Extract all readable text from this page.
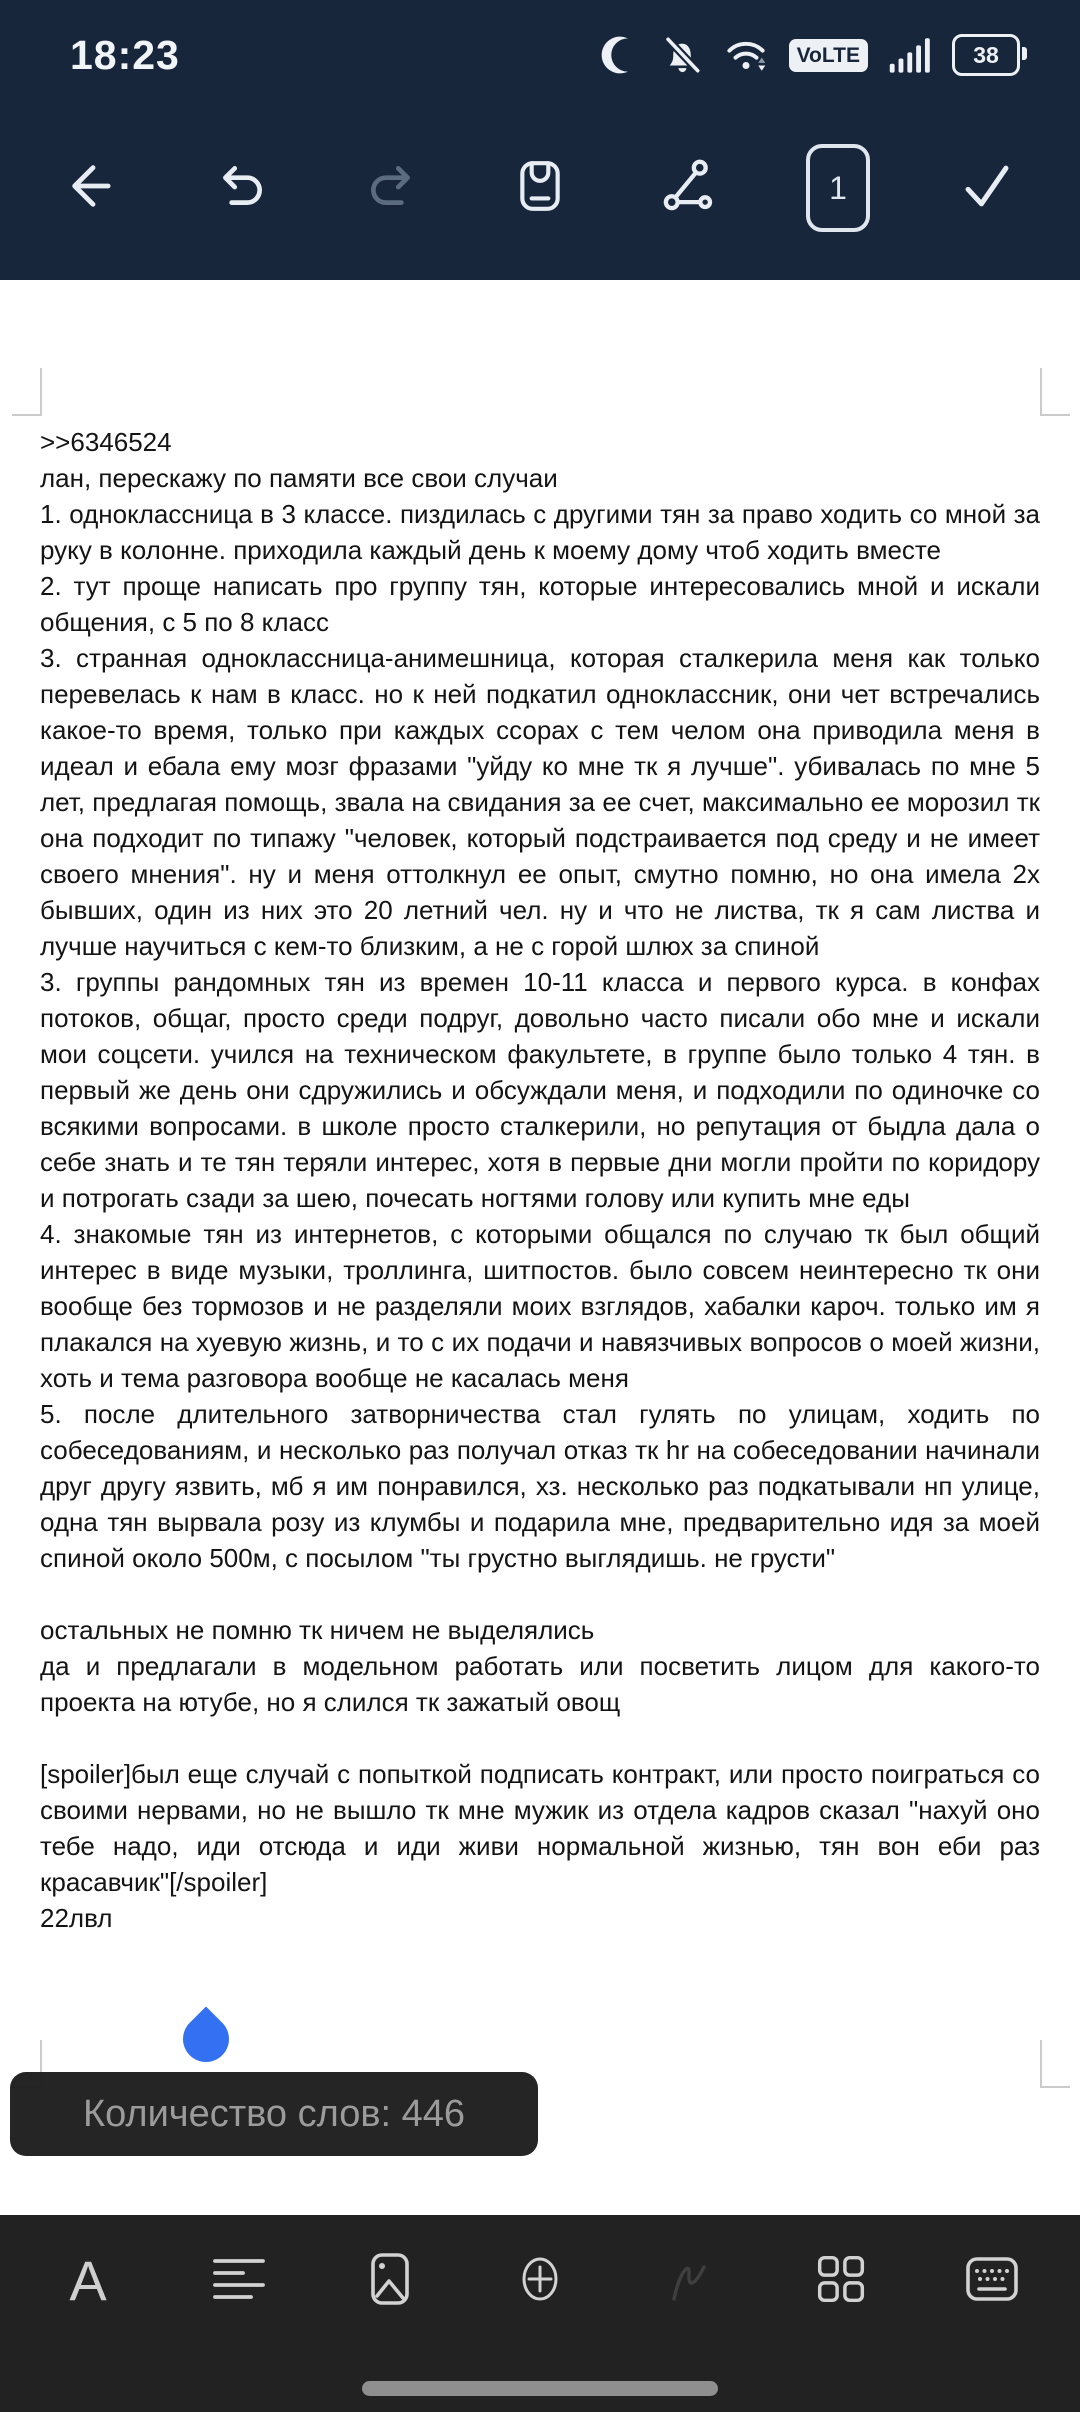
18:23	VoLTE	38
1

>>6346524

лан, перескажу по памяти все свои случаи

1. одноклассница в 3 классе. пиздилась с другими тян за право ходить со мной за руку в колонне. приходила каждый день к моему дому чтоб ходить вместе

2. тут проще написать про группу тян, которые интересовались мной и искали общения, с 5 по 8 класс

3. странная одноклассница-анимешница, которая сталкерила меня как только перевелась к нам в класс. но к ней подкатил одноклассник, они чет встречались какое-то время, только при каждых ссорах с тем челом она приводила меня в идеал и ебала ему мозг фразами "уйду ко мне тк я лучше". убивалась по мне 5 лет, предлагая помощь, звала на свидания за ее счет, максимально ее морозил тк она подходит по типажу "человек, который подстраивается под среду и не имеет своего мнения". ну и меня оттолкнул ее опыт, смутно помню, но она имела 2х бывших, один из них это 20 летний чел. ну и что не листва, тк я сам листва и лучше научиться с кем-то близким, а не с горой шлюх за спиной

3. группы рандомных тян из времен 10-11 класса и первого курса. в конфах потоков, общаг, просто среди подруг, довольно часто писали обо мне и искали мои соцсети. учился на техническом факультете, в группе было только 4 тян. в первый же день они сдружились и обсуждали меня, и подходили по одиночке со всякими вопросами. в школе просто сталкерили, но репутация от быдла дала о себе знать и те тян теряли интерес, хотя в первые дни могли пройти по коридору и потрогать сзади за шею, почесать ногтями голову или купить мне еды

4. знакомые тян из интернетов, с которыми общался по случаю тк был общий интерес в виде музыки, троллинга, шитпостов. было совсем неинтересно тк они вообще без тормозов и не разделяли моих взглядов, хабалки кароч. только им я плакался на хуевую жизнь, и то с их подачи и навязчивых вопросов о моей жизни, хоть и тема разговора вообще не касалась меня

5. после длительного затворничества стал гулять по улицам, ходить по собеседованиям, и несколько раз получал отказ тк hr на собеседовании начинали друг другу язвить, мб я им понравился, хз. несколько раз подкатывали нп улице, одна тян вырвала розу из клумбы и подарила мне, предварительно идя за моей спиной около 500м, с посылом "ты грустно выглядишь. не грусти"

остальных не помню тк ничем не выделялись

да и предлагали в модельном работать или посветить лицом для какого-то проекта на ютубе, но я слился тк зажатый овощ

[spoiler]был еще случай с попыткой подписать контракт, или просто поиграться со своими нервами, но не вышло тк мне мужик из отдела кадров сказал "нахуй оно тебе надо, иди отсюда и иди живи нормальной жизнью, тян вон еби раз красавчик"[/spoiler]

22лвл

Количество слов: 446
A
